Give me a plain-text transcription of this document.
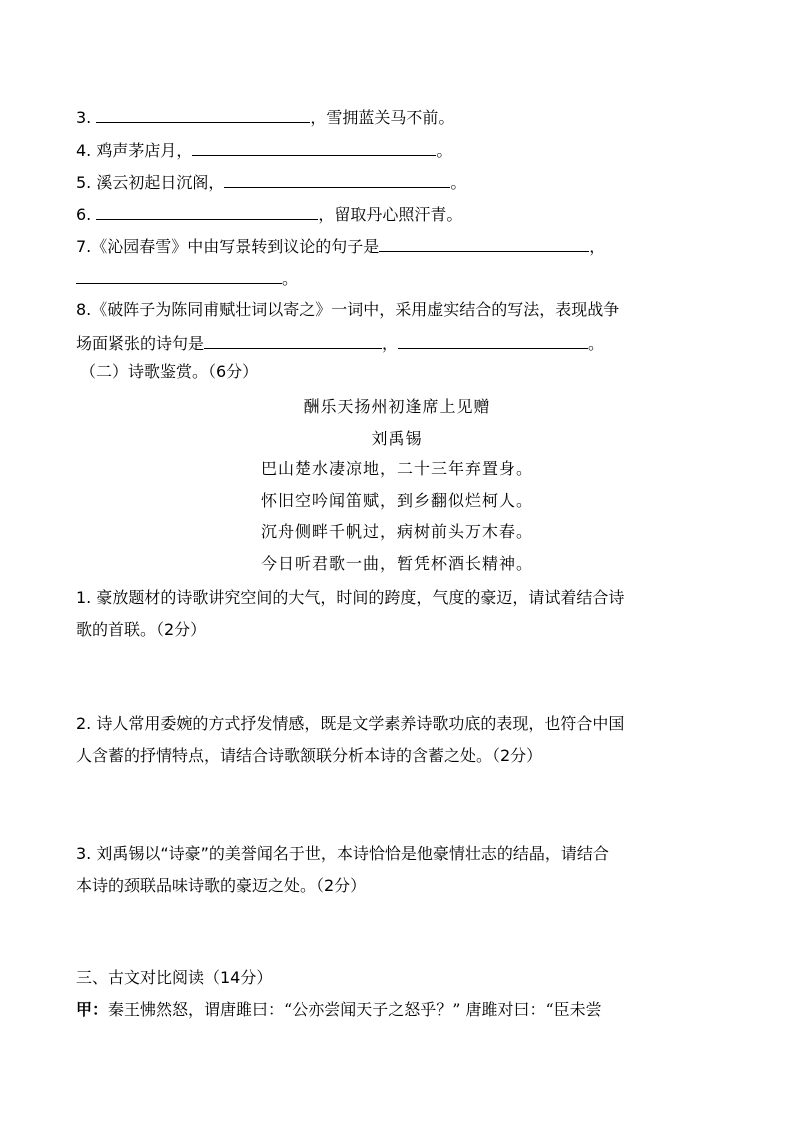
3.	，雪拥蓝关马不前。
4. 鸡声茅店月，	。
5. 溪云初起日沉阁，	。
6.	，留取丹心照汗青。
7.《沁园春雪》中由写景转到议论的句子是	，
。
8.《破阵子为陈同甫赋壮词以寄之》一词中，采用虚实结合的写法，表现战争
场面紧张的诗句是	，	。
（二）诗歌鉴赏。（6分）
酬乐天扬州初逢席上见赠
刘禹锡
巴山楚水凄凉地，二十三年弃置身。
怀旧空吟闻笛赋，到乡翻似烂柯人。
沉舟侧畔千帆过，病树前头万木春。
今日听君歌一曲，暂凭杯酒长精神。
1. 豪放题材的诗歌讲究空间的大气，时间的跨度，气度的豪迈，请试着结合诗
歌的首联。（2分）
2. 诗人常用委婉的方式抒发情感，既是文学素养诗歌功底的表现，也符合中国
人含蓄的抒情特点，请结合诗歌颔联分析本诗的含蓄之处。（2分）
3. 刘禹锡以“诗豪”的美誉闻名于世，本诗恰恰是他豪情壮志的结晶，请结合
本诗的颈联品味诗歌的豪迈之处。（2分）
三、古文对比阅读（14分）
甲：秦王怫然怒，谓唐雎曰：“公亦尝闻天子之怒乎？” 唐雎对曰：“臣未尝
